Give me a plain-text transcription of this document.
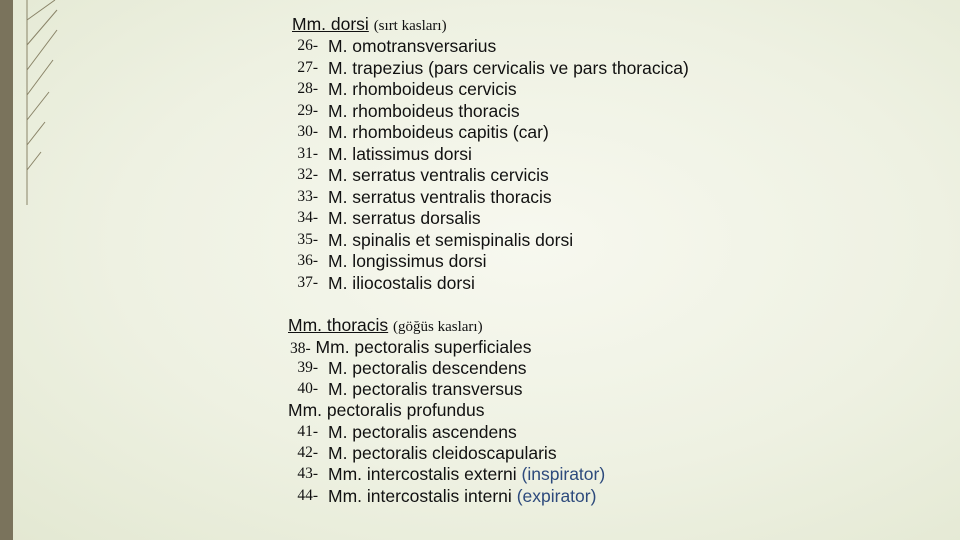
Mm. dorsi (sırt kasları)
26- M. omotransversarius
27- M. trapezius (pars cervicalis ve pars thoracica)
28- M. rhomboideus cervicis
29- M. rhomboideus thoracis
30- M. rhomboideus capitis (car)
31- M. latissimus dorsi
32- M. serratus ventralis cervicis
33- M. serratus ventralis thoracis
34- M. serratus dorsalis
35- M. spinalis et semispinalis dorsi
36- M. longissimus dorsi
37- M. iliocostalis dorsi
Mm. thoracis (göğüs kasları)
38- Mm. pectoralis superficiales
39- M. pectoralis descendens
40- M. pectoralis transversus
Mm. pectoralis profundus
41- M. pectoralis ascendens
42- M. pectoralis cleidoscapularis
43- Mm. intercostalis externi (inspirator)
44- Mm. intercostalis interni (expirator)
